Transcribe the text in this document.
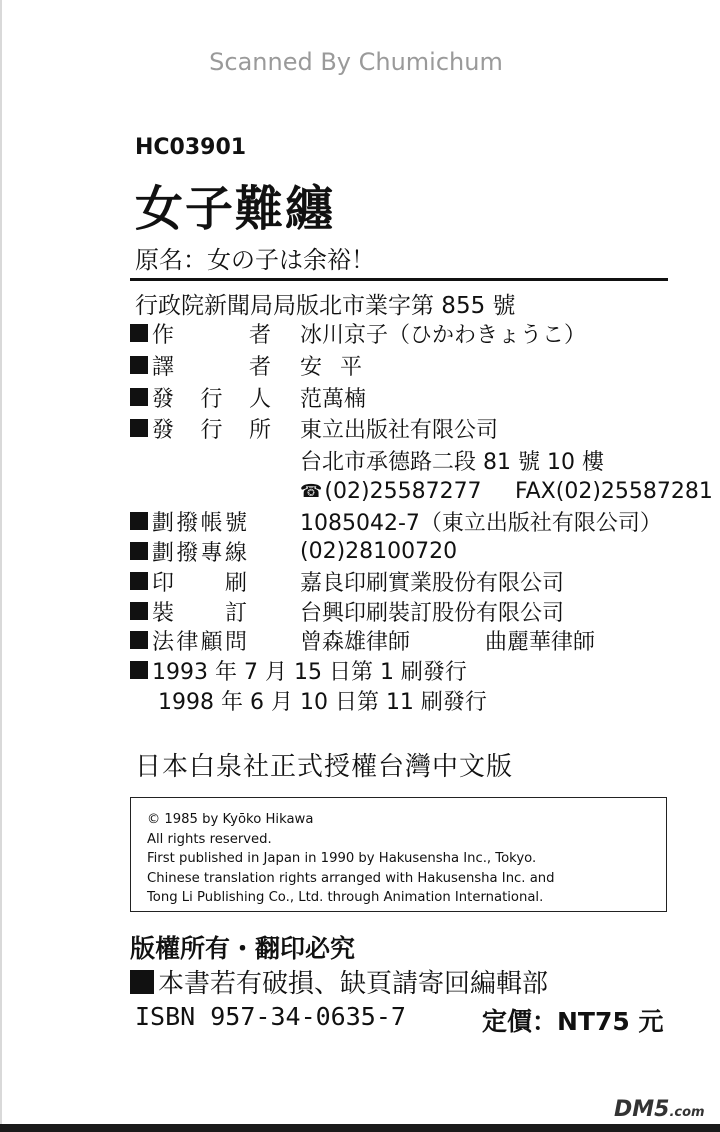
Scanned By Chumichum
HC03901
女子難纏
原名：女の子は余裕！
行政院新聞局局版北市業字第 855 號
作者 冰川京子（ひかわきょうこ）
譯者 安平
發行人 范萬楠
發行所 東立出版社有限公司
台北市承德路二段 81 號 10 樓
☎ (02)25587277 FAX(02)25587281
劃撥帳號 1085042-7（東立出版社有限公司）
劃撥專線 (02)28100720
印刷 嘉良印刷實業股份有限公司
裝訂 台興印刷裝訂股份有限公司
法律顧問 曾森雄律師	曲麗華律師
1993 年 7 月 15 日第 1 刷發行
1998 年 6 月 10 日第 11 刷發行
日本白泉社正式授權台灣中文版
© 1985 by Kyōko Hikawa
All rights reserved.
First published in Japan in 1990 by Hakusensha Inc., Tokyo.
Chinese translation rights arranged with Hakusensha Inc. and
Tong Li Publishing Co., Ltd. through Animation International.
版權所有・翻印必究
本書若有破損、缺頁請寄回編輯部
ISBN 957-34-0635-7	定價：NT75 元
DM5.com
